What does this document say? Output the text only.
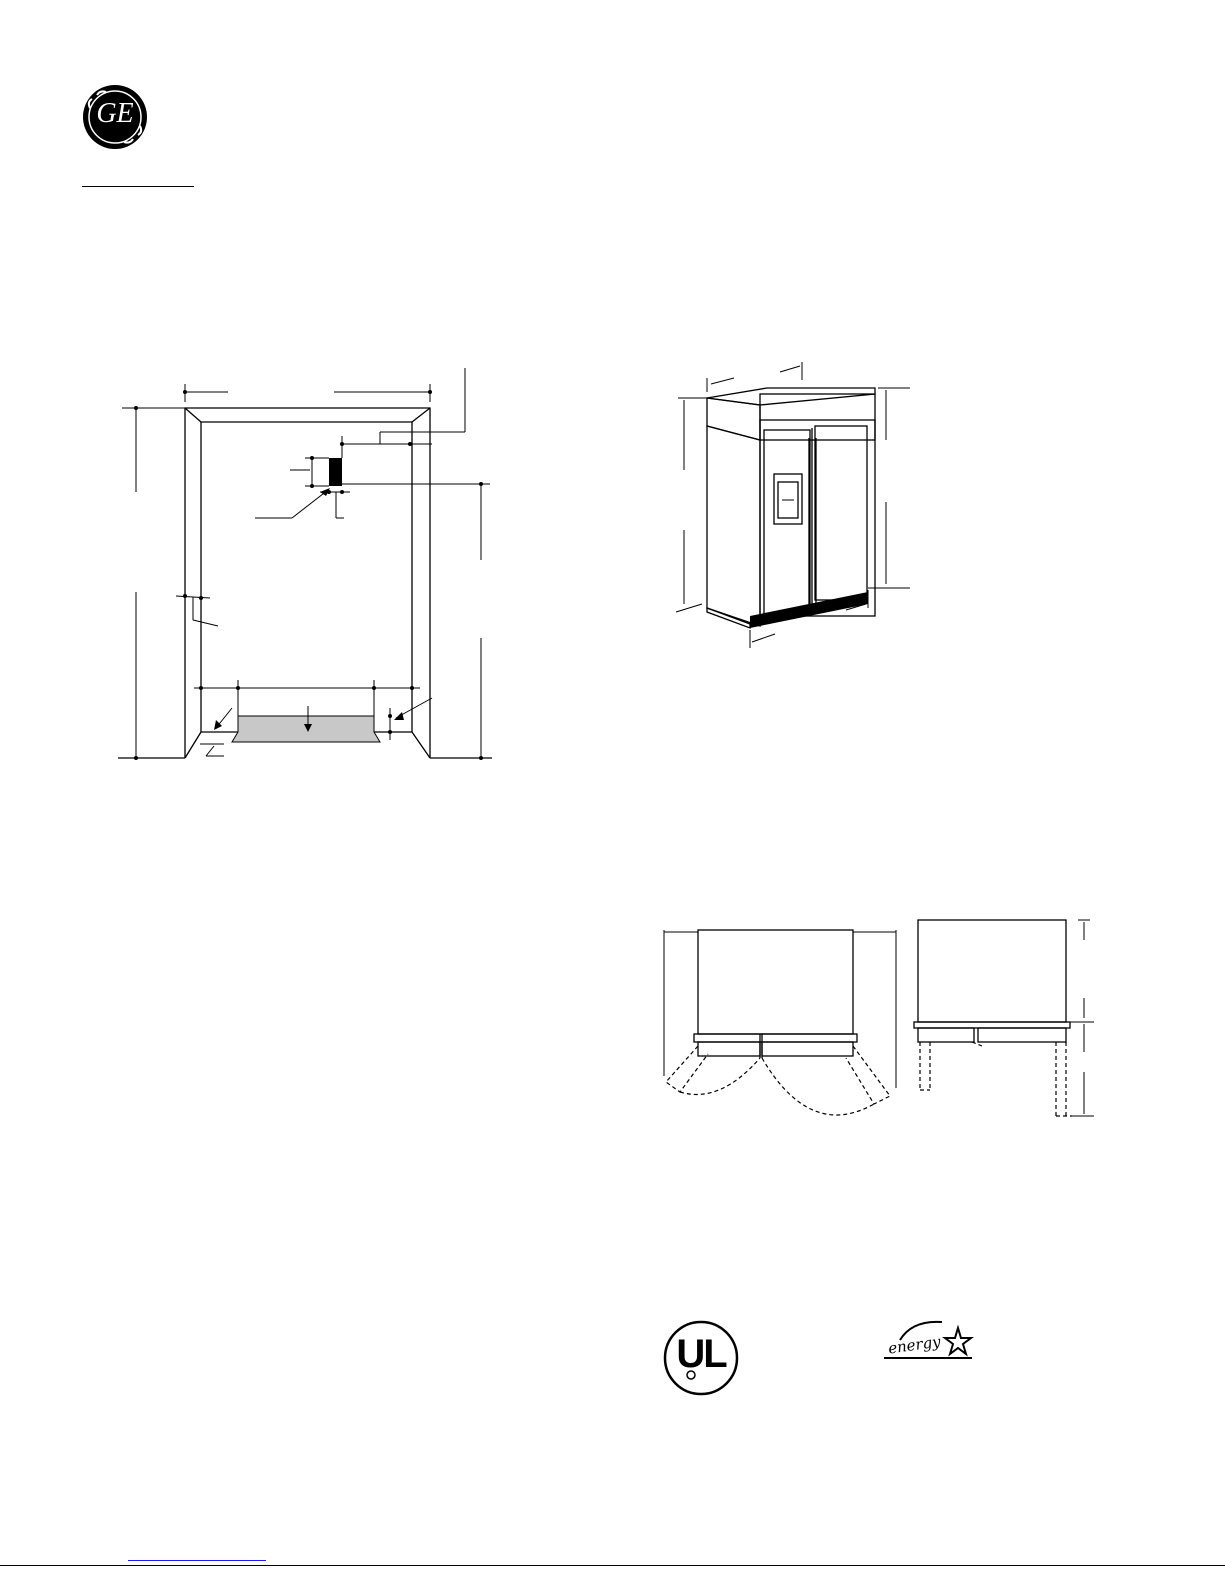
GE
UL	energy
